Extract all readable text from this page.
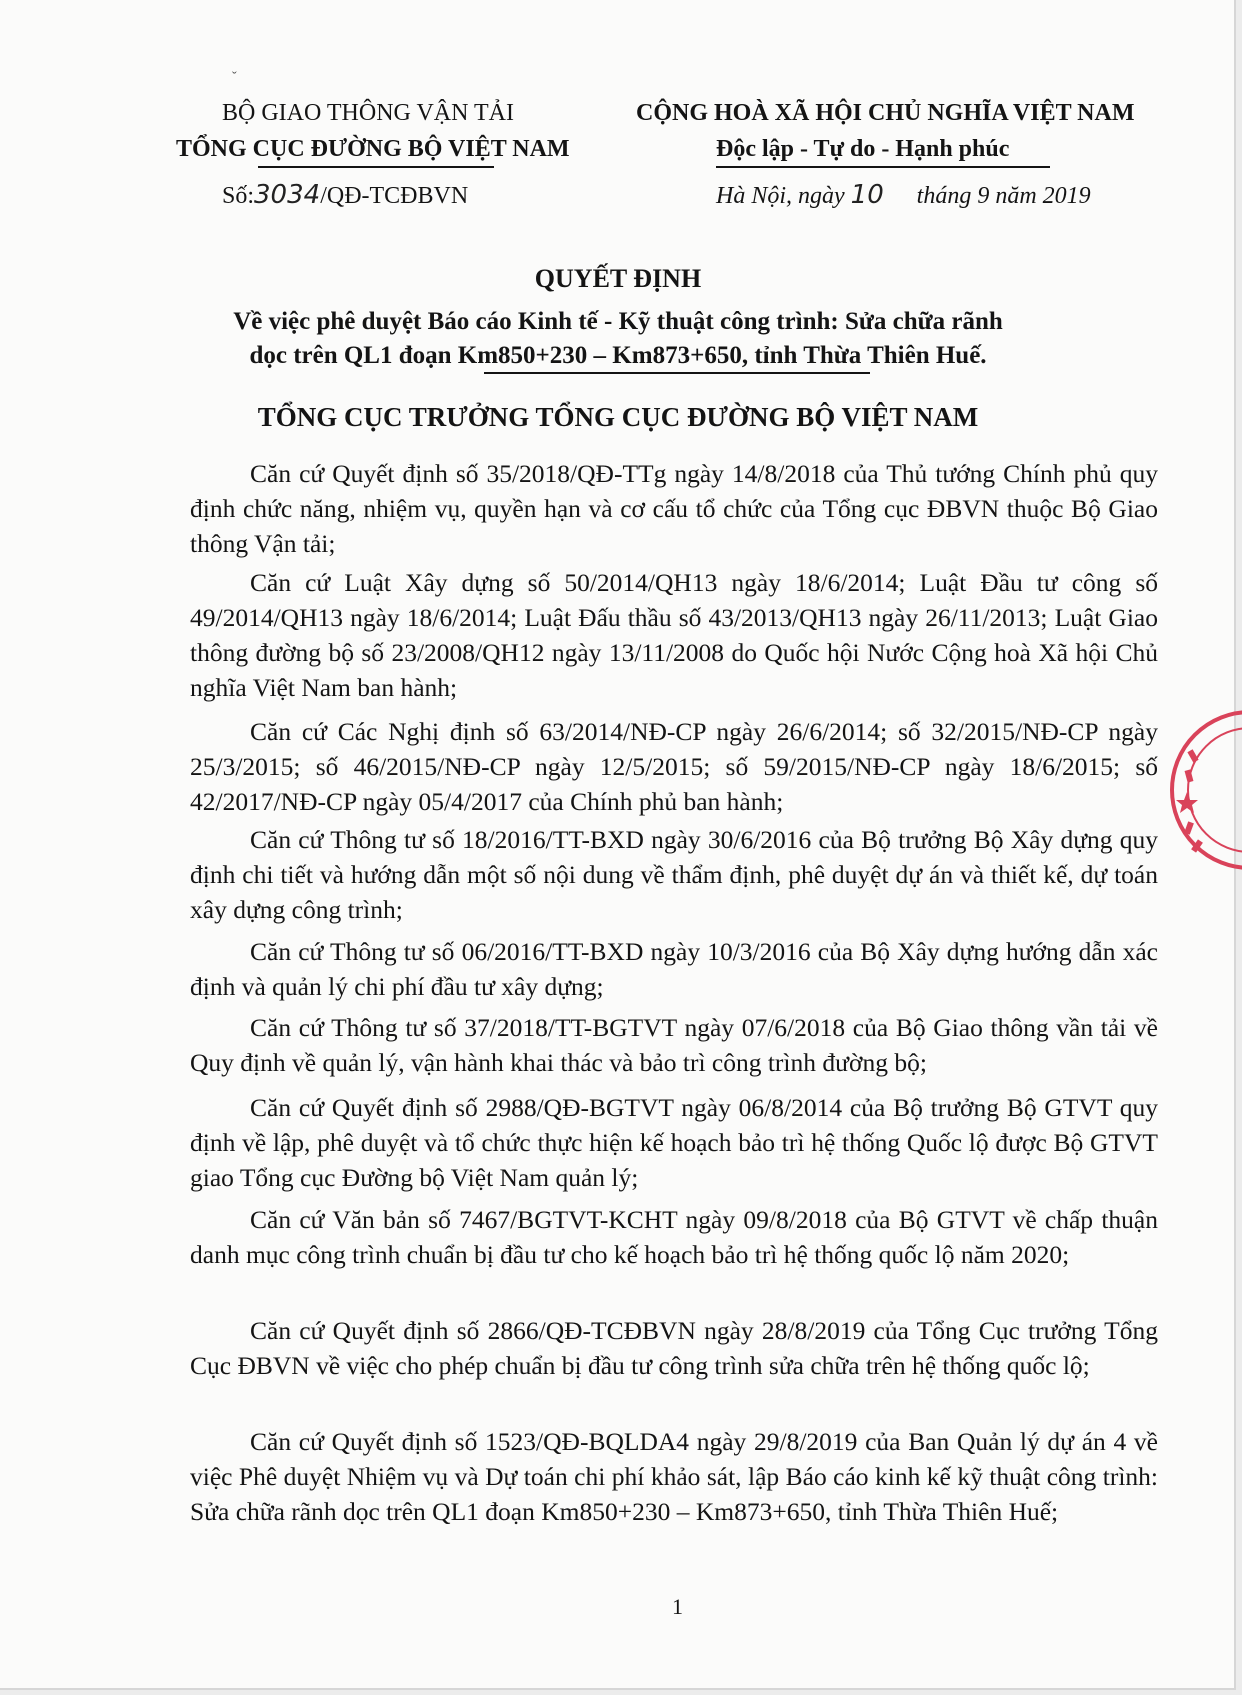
ˇ
BỘ GIAO THÔNG VẬN TẢI
TỔNG CỤC ĐƯỜNG BỘ VIỆT NAM
Số:3034/QĐ-TCĐBVN
CỘNG HOÀ XÃ HỘI CHỦ NGHĨA VIỆT NAM
Độc lập - Tự do - Hạnh phúc
Hà Nội, ngày 10 tháng 9 năm 2019
QUYẾT ĐỊNH
Về việc phê duyệt Báo cáo Kinh tế - Kỹ thuật công trình: Sửa chữa rãnh
dọc trên QL1 đoạn Km850+230 – Km873+650, tỉnh Thừa Thiên Huế.
TỔNG CỤC TRƯỞNG TỔNG CỤC ĐƯỜNG BỘ VIỆT NAM
Căn cứ Quyết định số 35/2018/QĐ-TTg ngày 14/8/2018 của Thủ tướng Chính phủ quy định chức năng, nhiệm vụ, quyền hạn và cơ cấu tổ chức của Tổng cục ĐBVN thuộc Bộ Giao thông Vận tải;
Căn cứ Luật Xây dựng số 50/2014/QH13 ngày 18/6/2014; Luật Đầu tư công số 49/2014/QH13 ngày 18/6/2014; Luật Đấu thầu số 43/2013/QH13 ngày 26/11/2013; Luật Giao thông đường bộ số 23/2008/QH12 ngày 13/11/2008 do Quốc hội Nước Cộng hoà Xã hội Chủ nghĩa Việt Nam ban hành;
Căn cứ Các Nghị định số 63/2014/NĐ-CP ngày 26/6/2014; số 32/2015/NĐ-CP ngày 25/3/2015; số 46/2015/NĐ-CP ngày 12/5/2015; số 59/2015/NĐ-CP ngày 18/6/2015; số 42/2017/NĐ-CP ngày 05/4/2017 của Chính phủ ban hành;
Căn cứ Thông tư số 18/2016/TT-BXD ngày 30/6/2016 của Bộ trưởng Bộ Xây dựng quy định chi tiết và hướng dẫn một số nội dung về thẩm định, phê duyệt dự án và thiết kế, dự toán xây dựng công trình;
Căn cứ Thông tư số 06/2016/TT-BXD ngày 10/3/2016 của Bộ Xây dựng hướng dẫn xác định và quản lý chi phí đầu tư xây dựng;
Căn cứ Thông tư số 37/2018/TT-BGTVT ngày 07/6/2018 của Bộ Giao thông vần tải về Quy định về quản lý, vận hành khai thác và bảo trì công trình đường bộ;
Căn cứ Quyết định số 2988/QĐ-BGTVT ngày 06/8/2014 của Bộ trưởng Bộ GTVT quy định về lập, phê duyệt và tổ chức thực hiện kế hoạch bảo trì hệ thống Quốc lộ được Bộ GTVT giao Tổng cục Đường bộ Việt Nam quản lý;
Căn cứ Văn bản số 7467/BGTVT-KCHT ngày 09/8/2018 của Bộ GTVT về chấp thuận danh mục công trình chuẩn bị đầu tư cho kế hoạch bảo trì hệ thống quốc lộ năm 2020;
Căn cứ Quyết định số 2866/QĐ-TCĐBVN ngày 28/8/2019 của Tổng Cục trưởng Tổng Cục ĐBVN về việc cho phép chuẩn bị đầu tư công trình sửa chữa trên hệ thống quốc lộ;
Căn cứ Quyết định số 1523/QĐ-BQLDA4 ngày 29/8/2019 của Ban Quản lý dự án 4 về việc Phê duyệt Nhiệm vụ và Dự toán chi phí khảo sát, lập Báo cáo kinh kế kỹ thuật công trình: Sửa chữa rãnh dọc trên QL1 đoạn Km850+230 – Km873+650, tỉnh Thừa Thiên Huế;
1
